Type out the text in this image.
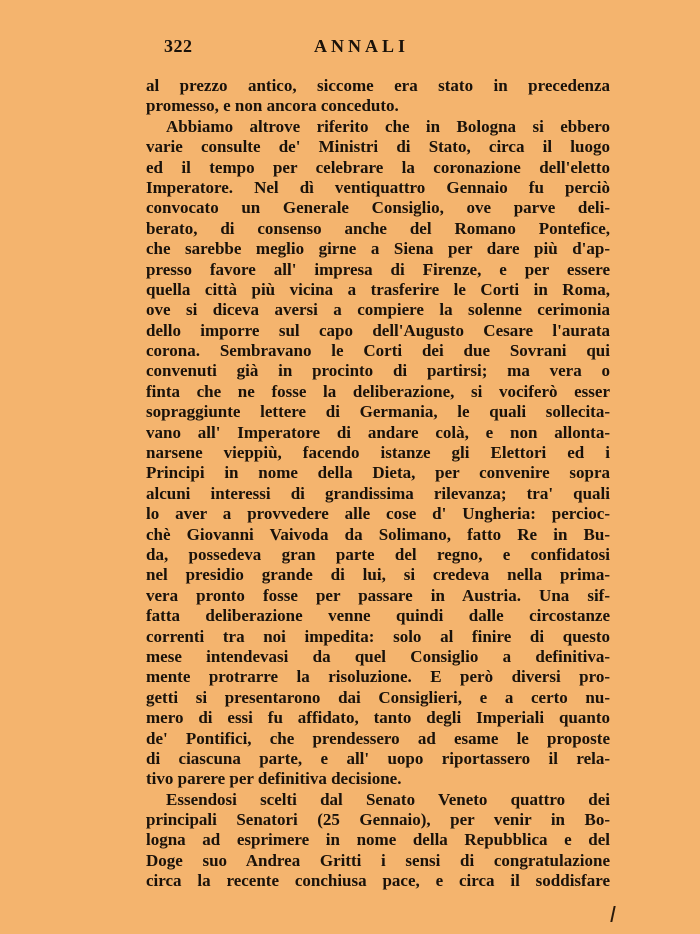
322	ANNALI
al prezzo antico, siccome era stato in precedenza
promesso, e non ancora conceduto.
Abbiamo altrove riferito che in Bologna si ebbero
varie consulte de' Ministri di Stato, circa il luogo
ed il tempo per celebrare la coronazione dell'eletto
Imperatore. Nel dì ventiquattro Gennaio fu perciò
convocato un Generale Consiglio, ove parve deli-
berato, di consenso anche del Romano Pontefice,
che sarebbe meglio girne a Siena per dare più d'ap-
presso favore all' impresa di Firenze, e per essere
quella città più vicina a trasferire le Corti in Roma,
ove si diceva aversi a compiere la solenne cerimonia
dello imporre sul capo dell'Augusto Cesare l'aurata
corona. Sembravano le Corti dei due Sovrani qui
convenuti già in procinto di partirsi; ma vera o
finta che ne fosse la deliberazione, si vociferò esser
sopraggiunte lettere di Germania, le quali sollecita-
vano all' Imperatore di andare colà, e non allonta-
narsene vieppiù, facendo istanze gli Elettori ed i
Principi in nome della Dieta, per convenire sopra
alcuni interessi di grandissima rilevanza; tra' quali
lo aver a provvedere alle cose d' Ungheria: percioc-
chè Giovanni Vaivoda da Solimano, fatto Re in Bu-
da, possedeva gran parte del regno, e confidatosi
nel presidio grande di lui, si credeva nella prima-
vera pronto fosse per passare in Austria. Una sif-
fatta deliberazione venne quindi dalle circostanze
correnti tra noi impedita: solo al finire di questo
mese intendevasi da quel Consiglio a definitiva-
mente protrarre la risoluzione. E però diversi pro-
getti si presentarono dai Consiglieri, e a certo nu-
mero di essi fu affidato, tanto degli Imperiali quanto
de' Pontifici, che prendessero ad esame le proposte
di ciascuna parte, e all' uopo riportassero il rela-
tivo parere per definitiva decisione.
Essendosi scelti dal Senato Veneto quattro dei
principali Senatori (25 Gennaio), per venir in Bo-
logna ad esprimere in nome della Repubblica e del
Doge suo Andrea Gritti i sensi di congratulazione
circa la recente conchiusa pace, e circa il soddisfare
